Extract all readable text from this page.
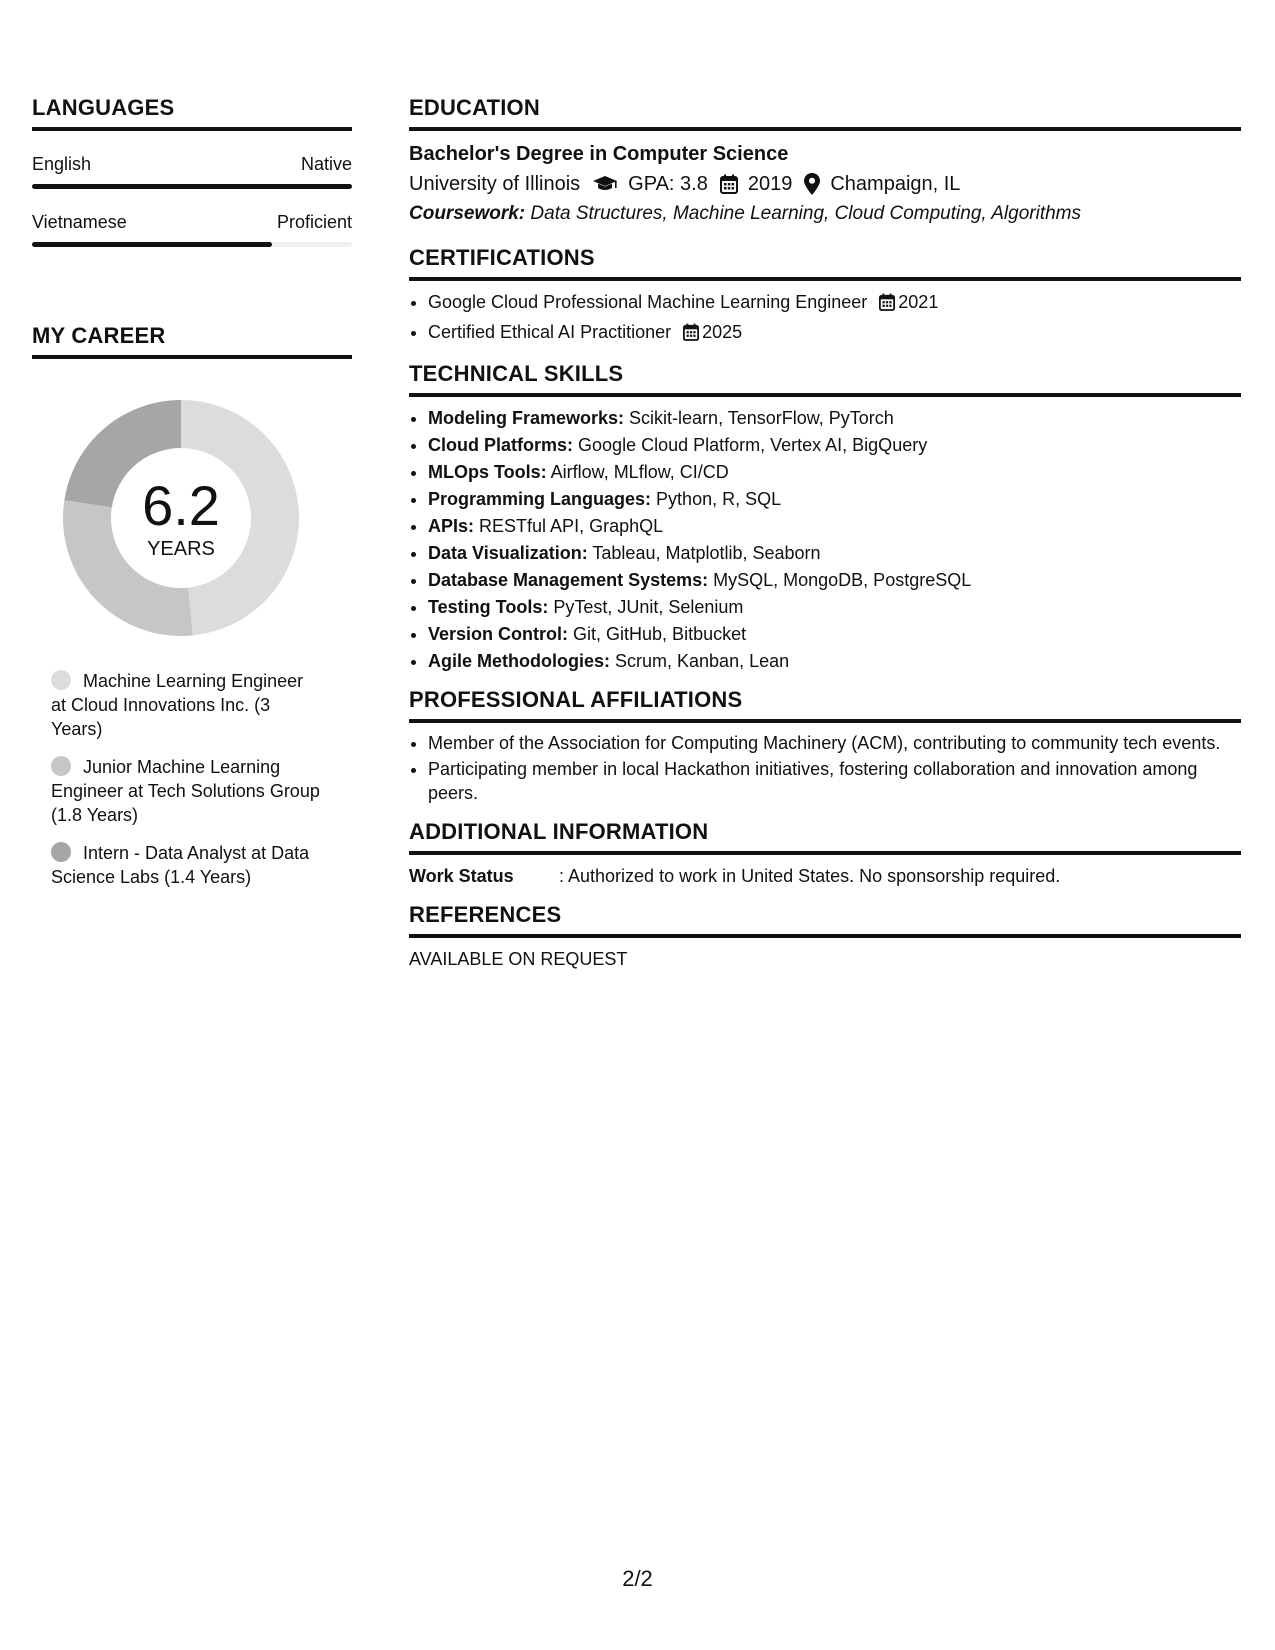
LANGUAGES
English	Native
Vietnamese	Proficient
MY CAREER
6.2
YEARS
Machine Learning Engineer at Cloud Innovations Inc. (3 Years)
Junior Machine Learning Engineer at Tech Solutions Group (1.8 Years)
Intern - Data Analyst at Data Science Labs (1.4 Years)
EDUCATION
Bachelor's Degree in Computer Science
University of Illinois GPA: 3.8 2019 Champaign, IL
Coursework: Data Structures, Machine Learning, Cloud Computing, Algorithms
CERTIFICATIONS
• Google Cloud Professional Machine Learning Engineer 2021
• Certified Ethical AI Practitioner 2025
TECHNICAL SKILLS
• Modeling Frameworks: Scikit-learn, TensorFlow, PyTorch
• Cloud Platforms: Google Cloud Platform, Vertex AI, BigQuery
• MLOps Tools: Airflow, MLflow, CI/CD
• Programming Languages: Python, R, SQL
• APIs: RESTful API, GraphQL
• Data Visualization: Tableau, Matplotlib, Seaborn
• Database Management Systems: MySQL, MongoDB, PostgreSQL
• Testing Tools: PyTest, JUnit, Selenium
• Version Control: Git, GitHub, Bitbucket
• Agile Methodologies: Scrum, Kanban, Lean
PROFESSIONAL AFFILIATIONS
• Member of the Association for Computing Machinery (ACM), contributing to community tech events.
• Participating member in local Hackathon initiatives, fostering collaboration and innovation among peers.
ADDITIONAL INFORMATION
Work Status	: Authorized to work in United States. No sponsorship required.
REFERENCES
AVAILABLE ON REQUEST
2/2
